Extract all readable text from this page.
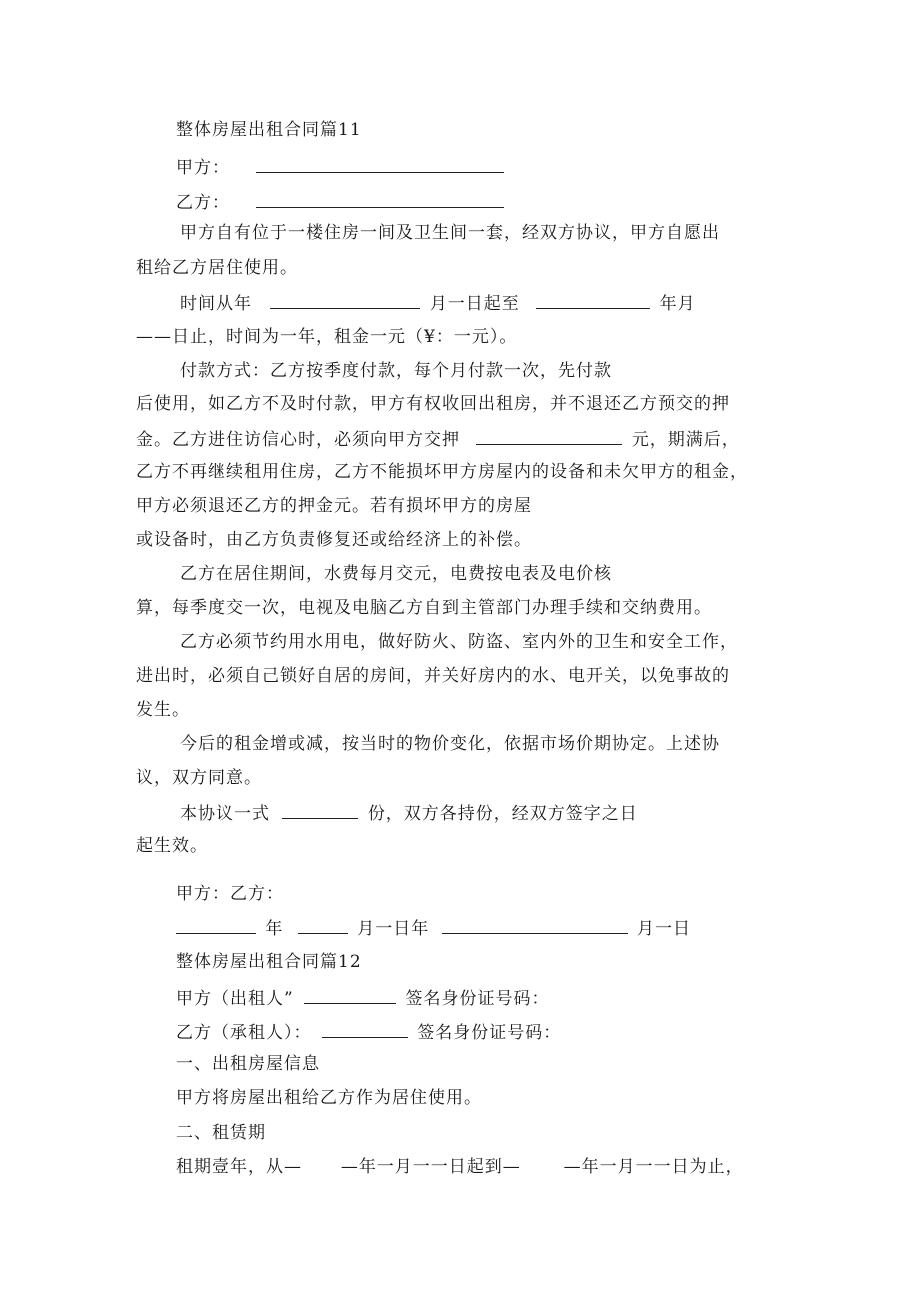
整体房屋出租合同篇11
甲方：
乙方：
甲方自有位于一楼住房一间及卫生间一套，经双方协议，甲方自愿出
租给乙方居住使用。
时间从年	月一日起至	年月
——日止，时间为一年，租金一元（¥：一元）。
付款方式：乙方按季度付款，每个月付款一次，先付款
后使用，如乙方不及时付款，甲方有权收回出租房，并不退还乙方预交的押
金。乙方进住访信心时，必须向甲方交押	元，期满后，
乙方不再继续租用住房，乙方不能损坏甲方房屋内的设备和未欠甲方的租金，
甲方必须退还乙方的押金元。若有损坏甲方的房屋
或设备时，由乙方负责修复还或给经济上的补偿。
乙方在居住期间，水费每月交元，电费按电表及电价核
算，每季度交一次，电视及电脑乙方自到主管部门办理手续和交纳费用。
乙方必须节约用水用电，做好防火、防盗、室内外的卫生和安全工作，
进出时，必须自己锁好自居的房间，并关好房内的水、电开关，以免事故的
发生。
今后的租金增或减，按当时的物价变化，依据市场价期协定。上述协
议，双方同意。
本协议一式	份，双方各持份，经双方签字之日
起生效。
甲方：乙方：
年	月一日年	月一日
整体房屋出租合同篇12
甲方（出租人”	签名身份证号码：
乙方（承租人）：	签名身份证号码：
一、出租房屋信息
甲方将房屋出租给乙方作为居住使用。
二、租赁期
租期壹年，从— —年一月一一日起到—	—年一月一一日为止，
